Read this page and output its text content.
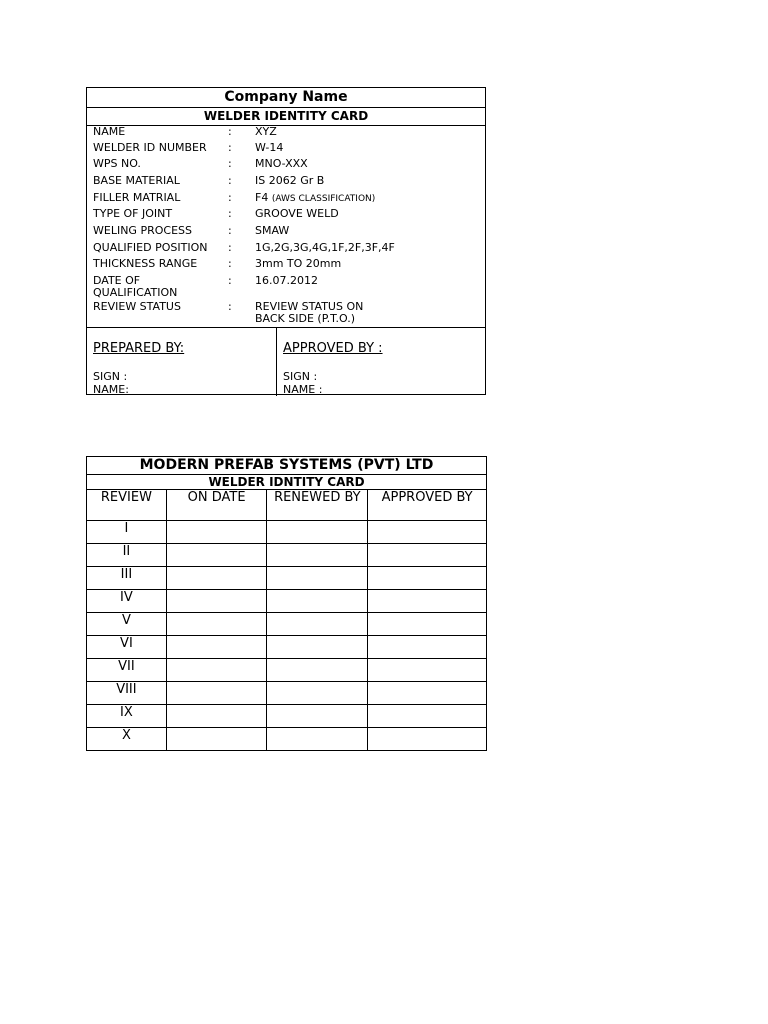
Company Name
WELDER IDENTITY CARD
NAME	: XYZ
WELDER ID NUMBER	: W-14
WPS NO.	: MNO-XXX
BASE MATERIAL	: IS 2062 Gr B
FILLER MATRIAL	: F4 (AWS CLASSIFICATION)
TYPE OF JOINT	: GROOVE WELD
WELING PROCESS	: SMAW
QUALIFIED POSITION	: 1G,2G,3G,4G,1F,2F,3F,4F
THICKNESS RANGE	: 3mm TO 20mm
DATE OF
QUALIFICATION
: 16.07.2012
REVIEW STATUS	: REVIEW STATUS ON
BACK SIDE (P.T.O.)
PREPARED BY:
SIGN :
NAME:
APPROVED BY :
SIGN :
NAME :
MODERN PREFAB SYSTEMS (PVT) LTD			
WELDER IDNTITY CARD			
REVIEW	ON DATE	RENEWED BY	APPROVED BY
I			
II			
III			
IV			
V			
VI			
VII			
VIII			
IX			
X			
